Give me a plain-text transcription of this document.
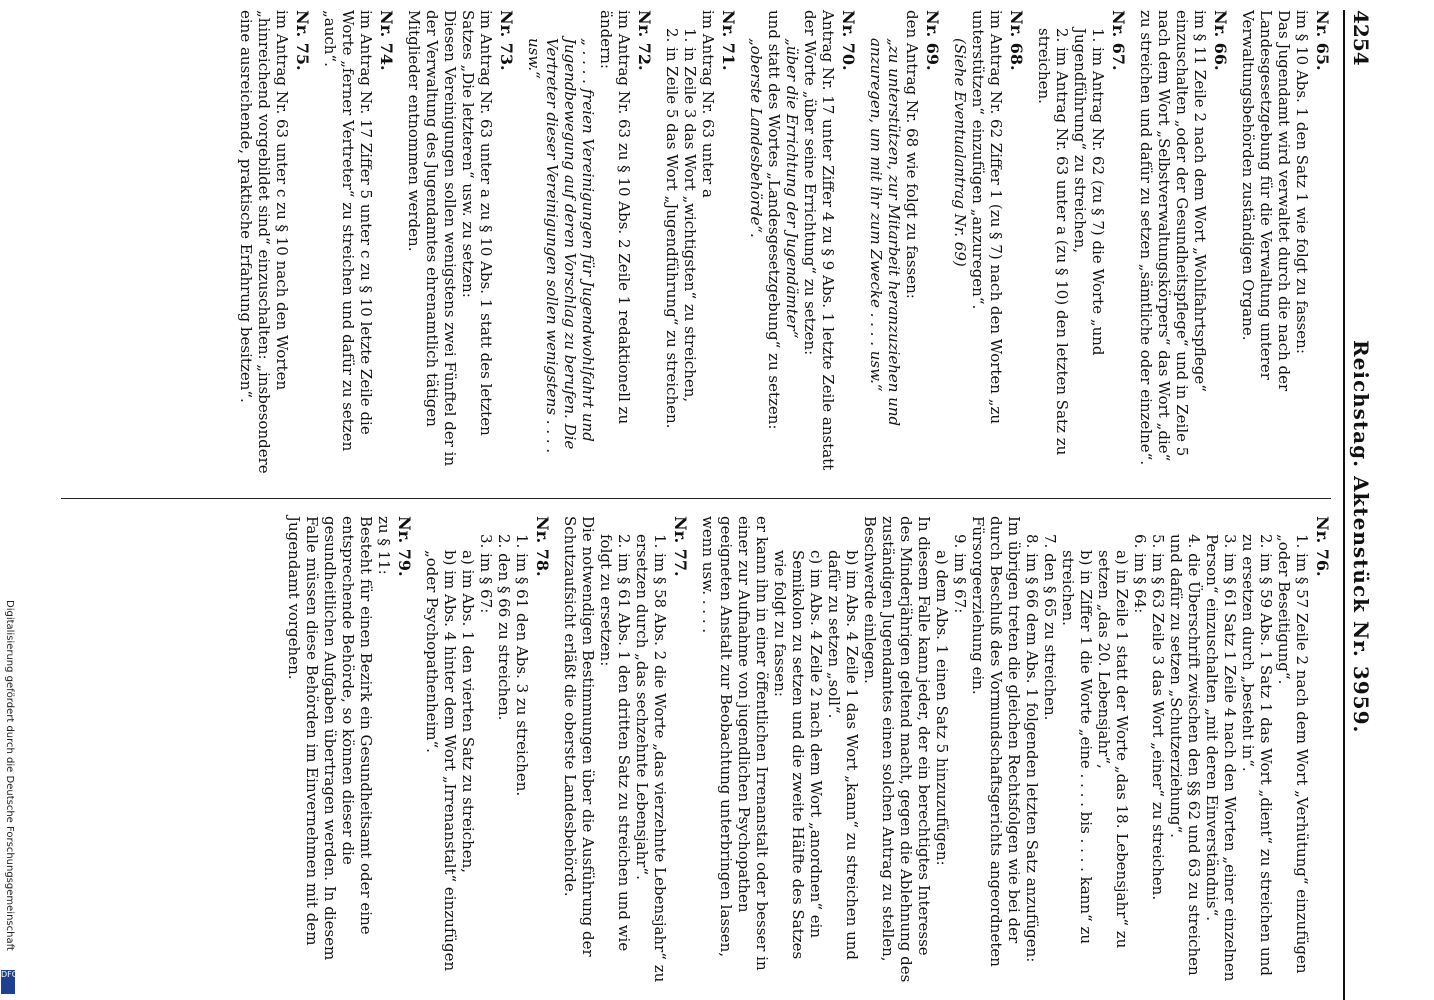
4254
Reichstag. Aktenstück Nr. 3959.
Nr. 65.
im § 10 Abs. 1 den Satz 1 wie folgt zu fassen:
Das Jugendamt wird verwaltet durch die nach der Landesgesetzgebung für die Verwaltung unterer Verwaltungsbehörden zuständigen Organe.
Nr. 66.
im § 11 Zeile 2 nach dem Wort „Wohlfahrtspflege“ einzuschalten „oder der Gesundheitspflege“ und in Zeile 5 nach dem Wort „Selbstverwaltungskörpers“ das Wort „die“ zu streichen und dafür zu setzen „sämtliche oder einzelne“.
Nr. 67.
1. im Antrag Nr. 62 (zu § 7) die Worte „und Jugendführung“ zu streichen,
2. im Antrag Nr. 63 unter a (zu § 10) den letzten Satz zu streichen.
Nr. 68.
im Antrag Nr. 62 Ziffer 1 (zu § 7) nach den Worten „zu unterstützen“ einzufügen „anzuregen“.
(Siehe Eventualantrag Nr. 69)
Nr. 69.
den Antrag Nr. 68 wie folgt zu fassen:
„zu unterstützen, zur Mitarbeit heranzuziehen und anzuregen, um mit ihr zum Zwecke . . . . usw.“
Nr. 70.
Antrag Nr. 17 unter Ziffer 4 zu § 9 Abs. 1 letzte Zeile anstatt der Worte „über seine Errichtung“ zu setzen:
„über die Errichtung der Jugendämter“
und statt des Wortes „Landesgesetzgebung“ zu setzen:
„oberste Landesbehörde“.
Nr. 71.
im Antrag Nr. 63 unter a
1. in Zeile 3 das Wort „wichtigsten“ zu streichen,
2. in Zeile 5 das Wort „Jugendführung“ zu streichen.
Nr. 72.
im Antrag Nr. 63 zu § 10 Abs. 2 Zeile 1 redaktionell zu ändern:
„ . . . . freien Vereinigungen für Jugendwohlfahrt und Jugendbewegung auf deren Vorschlag zu berufen. Die Vertreter dieser Vereinigungen sollen wenigstens . . . . usw.“
Nr. 73.
im Antrag Nr. 63 unter a zu § 10 Abs. 1 statt des letzten Satzes „Die letzteren“ usw. zu setzen:
Diesen Vereinigungen sollen wenigstens zwei Fünftel der in der Verwaltung des Jugendamtes ehrenamtlich tätigen Mitglieder entnommen werden.
Nr. 74.
im Antrag Nr. 17 Ziffer 5 unter c zu § 10 letzte Zeile die Worte „ferner Vertreter“ zu streichen und dafür zu setzen „auch“.
Nr. 75.
im Antrag Nr. 63 unter c zu § 10 nach den Worten „hinreichend vorgebildet sind“ einzuschalten: „insbesondere eine ausreichende, praktische Erfahrung besitzen“.
Nr. 76.
1. im § 57 Zeile 2 nach dem Wort „Verhütung“ einzufügen „oder Beseitigung“.
2. im § 59 Abs. 1 Satz 1 das Wort „dient“ zu streichen und zu ersetzen durch „besteht in“.
3. im § 61 Satz 1 Zeile 4 nach den Worten „einer einzelnen Person“ einzuschalten „mit deren Einverständnis“.
4. die Überschrift zwischen den §§ 62 und 63 zu streichen und dafür zu setzen „Schutzerziehung“.
5. im § 63 Zeile 3 das Wort „einer“ zu streichen.
6. im § 64:
a) in Zeile 1 statt der Worte „das 18. Lebensjahr“ zu setzen „das 20. Lebensjahr“,
b) in Ziffer 1 die Worte „eine . . . . bis . . . . kann“ zu streichen.
7. den § 65 zu streichen.
8. im § 66 dem Abs. 1 folgenden letzten Satz anzufügen:
Im übrigen treten die gleichen Rechtsfolgen wie bei der durch Beschluß des Vormundschaftsgerichts angeordneten Fürsorgeerziehung ein.
9. im § 67:
a) dem Abs. 1 einen Satz 5 hinzuzufügen:
In diesem Falle kann jeder, der ein berechtigtes Interesse des Minderjährigen geltend macht, gegen die Ablehnung des zuständigen Jugendamtes einen solchen Antrag zu stellen, Beschwerde einlegen.
b) im Abs. 4 Zeile 1 das Wort „kann“ zu streichen und dafür zu setzen „soll“.
c) im Abs. 4 Zeile 2 nach dem Wort „anordnen“ ein Semikolon zu setzen und die zweite Hälfte des Satzes wie folgt zu fassen:
er kann ihn in einer öffentlichen Irrenanstalt oder besser in einer zur Aufnahme von jugendlichen Psychopathen geeigneten Anstalt zur Beobachtung unterbringen lassen, wenn usw. . . . .
Nr. 77.
1. im § 58 Abs. 2 die Worte „das vierzehnte Lebensjahr“ zu ersetzen durch „das sechzehnte Lebensjahr“.
2. im § 61 Abs. 1 den dritten Satz zu streichen und wie folgt zu ersetzen:
Die notwendigen Bestimmungen über die Ausführung der Schutzaufsicht erläßt die oberste Landesbehörde.
Nr. 78.
1. im § 61 den Abs. 3 zu streichen.
2. den § 66 zu streichen.
3. im § 67:
a) im Abs. 1 den vierten Satz zu streichen,
b) im Abs. 4 hinter dem Wort „Irrenanstalt“ einzufügen „oder Psychopathenheim“.
Nr. 79.
zu § 11:
Besteht für einen Bezirk ein Gesundheitsamt oder eine entsprechende Behörde, so können dieser die gesundheitlichen Aufgaben übertragen werden. In diesem Falle müssen diese Behörden im Einvernehmen mit dem Jugendamt vorgehen.
Digitalisierung gefördert durch die Deutsche Forschungsgemeinschaft
DFG
